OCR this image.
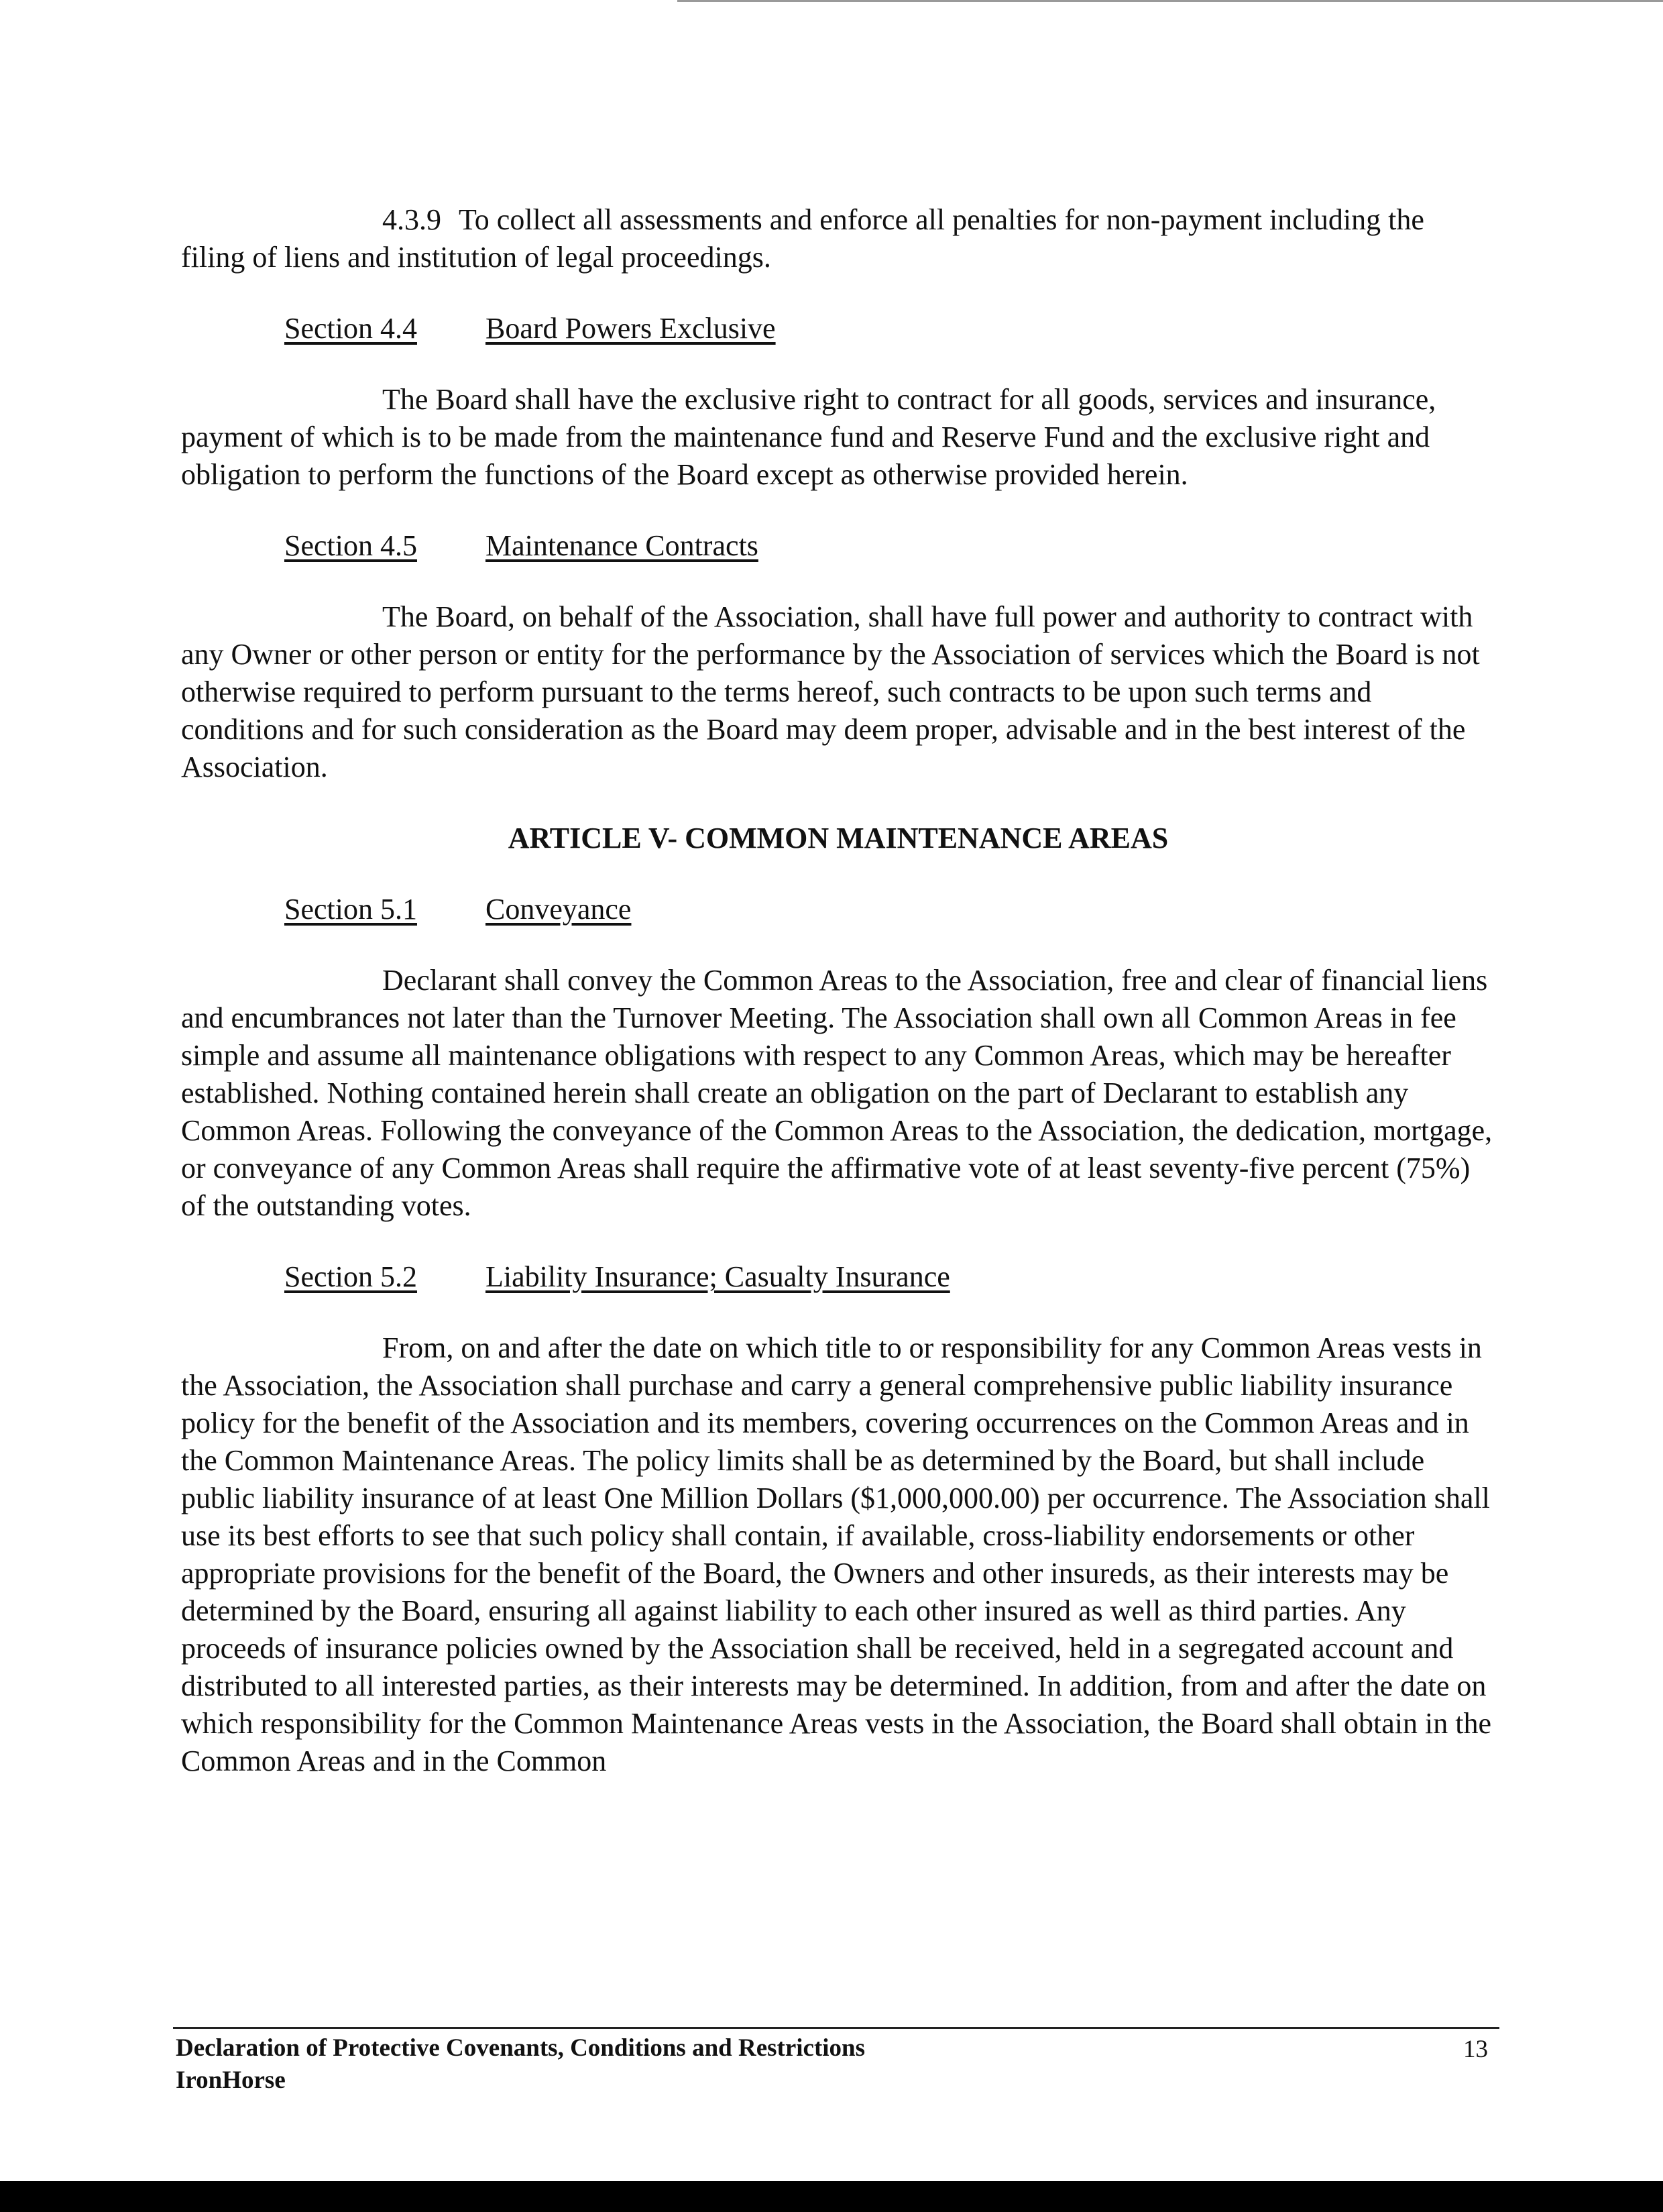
4.3.9 To collect all assessments and enforce all penalties for non-payment including the filing of liens and institution of legal proceedings.

Section 4.4 Board Powers Exclusive

The Board shall have the exclusive right to contract for all goods, services and insurance, payment of which is to be made from the maintenance fund and Reserve Fund and the exclusive right and obligation to perform the functions of the Board except as otherwise provided herein.

Section 4.5 Maintenance Contracts

The Board, on behalf of the Association, shall have full power and authority to contract with any Owner or other person or entity for the performance by the Association of services which the Board is not otherwise required to perform pursuant to the terms hereof, such contracts to be upon such terms and conditions and for such consideration as the Board may deem proper, advisable and in the best interest of the Association.

ARTICLE V- COMMON MAINTENANCE AREAS
Section 5.1 Conveyance

Declarant shall convey the Common Areas to the Association, free and clear of financial liens and encumbrances not later than the Turnover Meeting. The Association shall own all Common Areas in fee simple and assume all maintenance obligations with respect to any Common Areas, which may be hereafter established. Nothing contained herein shall create an obligation on the part of Declarant to establish any Common Areas. Following the conveyance of the Common Areas to the Association, the dedication, mortgage, or conveyance of any Common Areas shall require the affirmative vote of at least seventy-five percent (75%) of the outstanding votes.

Section 5.2 Liability Insurance; Casualty Insurance

From, on and after the date on which title to or responsibility for any Common Areas vests in the Association, the Association shall purchase and carry a general comprehensive public liability insurance policy for the benefit of the Association and its members, covering occurrences on the Common Areas and in the Common Maintenance Areas. The policy limits shall be as determined by the Board, but shall include public liability insurance of at least One Million Dollars ($1,000,000.00) per occurrence. The Association shall use its best efforts to see that such policy shall contain, if available, cross-liability endorsements or other appropriate provisions for the benefit of the Board, the Owners and other insureds, as their interests may be determined by the Board, ensuring all against liability to each other insured as well as third parties. Any proceeds of insurance policies owned by the Association shall be received, held in a segregated account and distributed to all interested parties, as their interests may be determined. In addition, from and after the date on which responsibility for the Common Maintenance Areas vests in the Association, the Board shall obtain in the Common Areas and in the Common

Declaration of Protective Covenants, Conditions and Restrictions
IronHorse
13
